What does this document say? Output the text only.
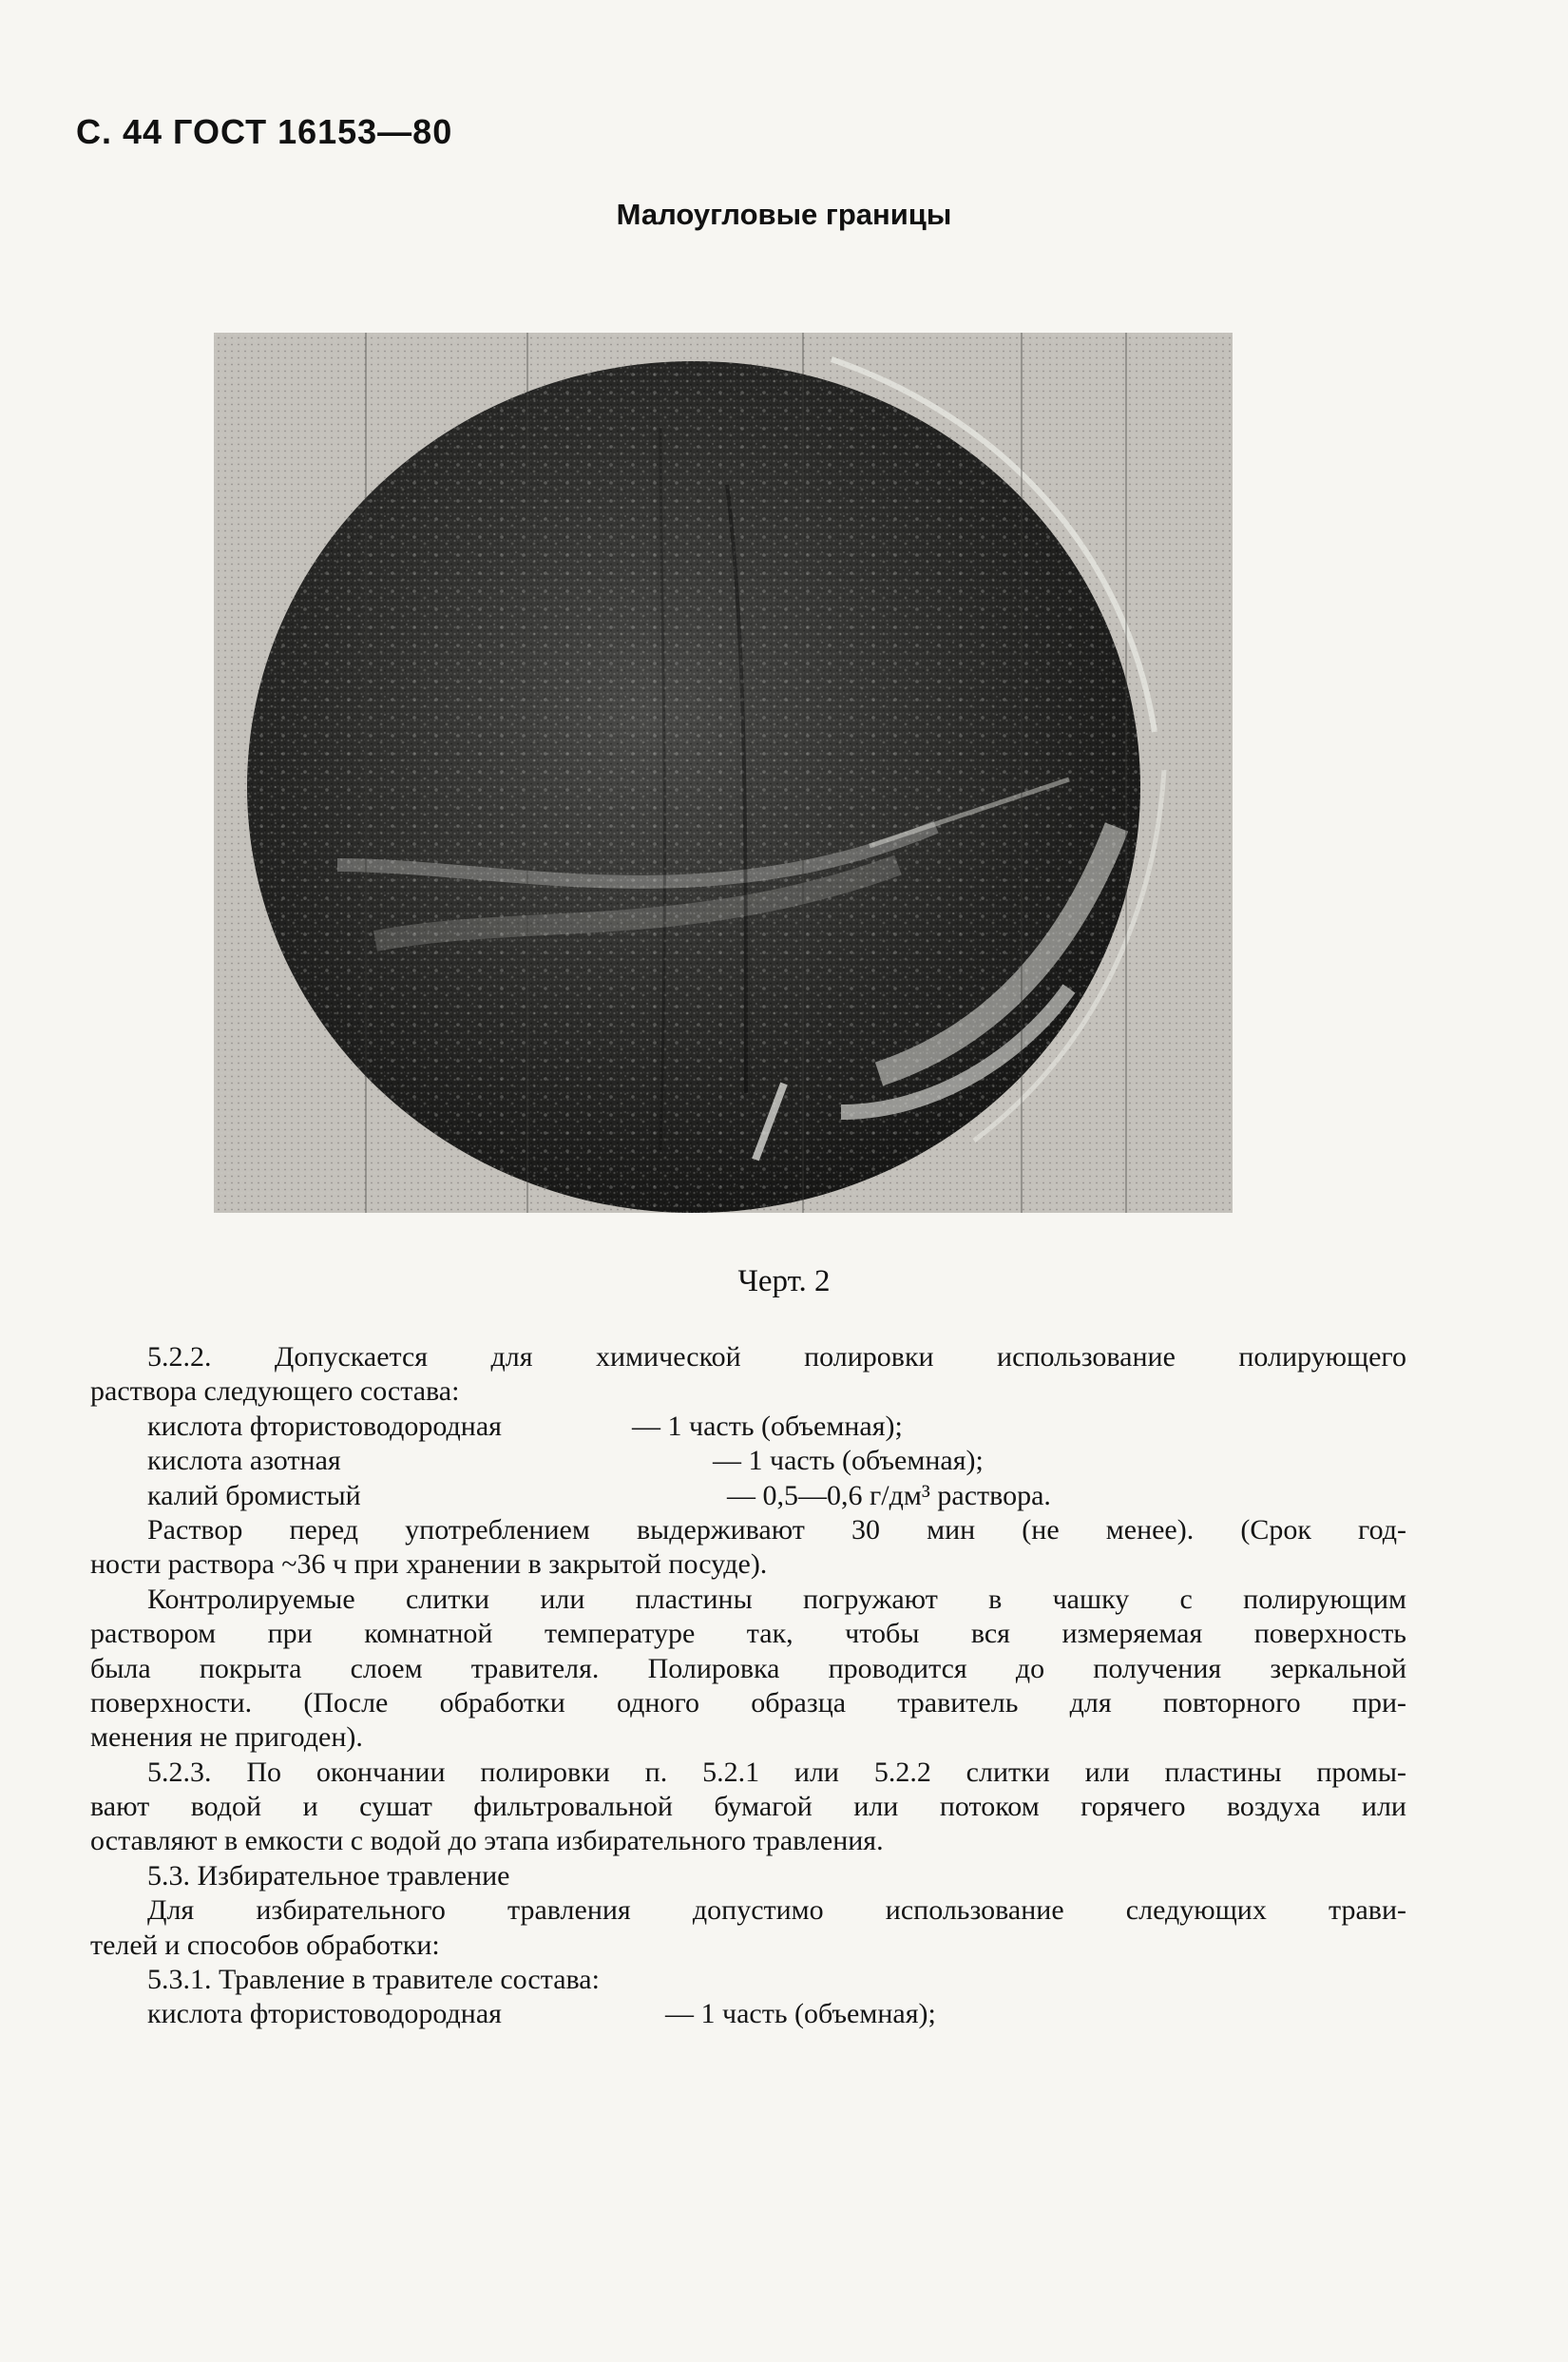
С. 44 ГОСТ 16153—80
Малоугловые границы
Черт. 2
5.2.2. Допускается для химической полировки использование полирующего
раствора следующего состава:
кислота фтористоводородная	— 1 часть (объемная);
кислота азотная	— 1 часть (объемная);
калий бромистый	— 0,5—0,6 г/дм³ раствора.
Раствор перед употреблением выдерживают 30 мин (не менее). (Срок год-
ности раствора ~36 ч при хранении в закрытой посуде).
Контролируемые слитки или пластины погружают в чашку с полирующим
раствором при комнатной температуре так, чтобы вся измеряемая поверхность
была покрыта слоем травителя. Полировка проводится до получения зеркальной
поверхности. (После обработки одного образца травитель для повторного при-
менения не пригоден).
5.2.3. По окончании полировки п. 5.2.1 или 5.2.2 слитки или пластины промы-
вают водой и сушат фильтровальной бумагой или потоком горячего воздуха или
оставляют в емкости с водой до этапа избирательного травления.
5.3. Избирательное травление
Для избирательного травления допустимо использование следующих трави-
телей и способов обработки:
5.3.1. Травление в травителе состава:
кислота фтористоводородная	— 1 часть (объемная);
